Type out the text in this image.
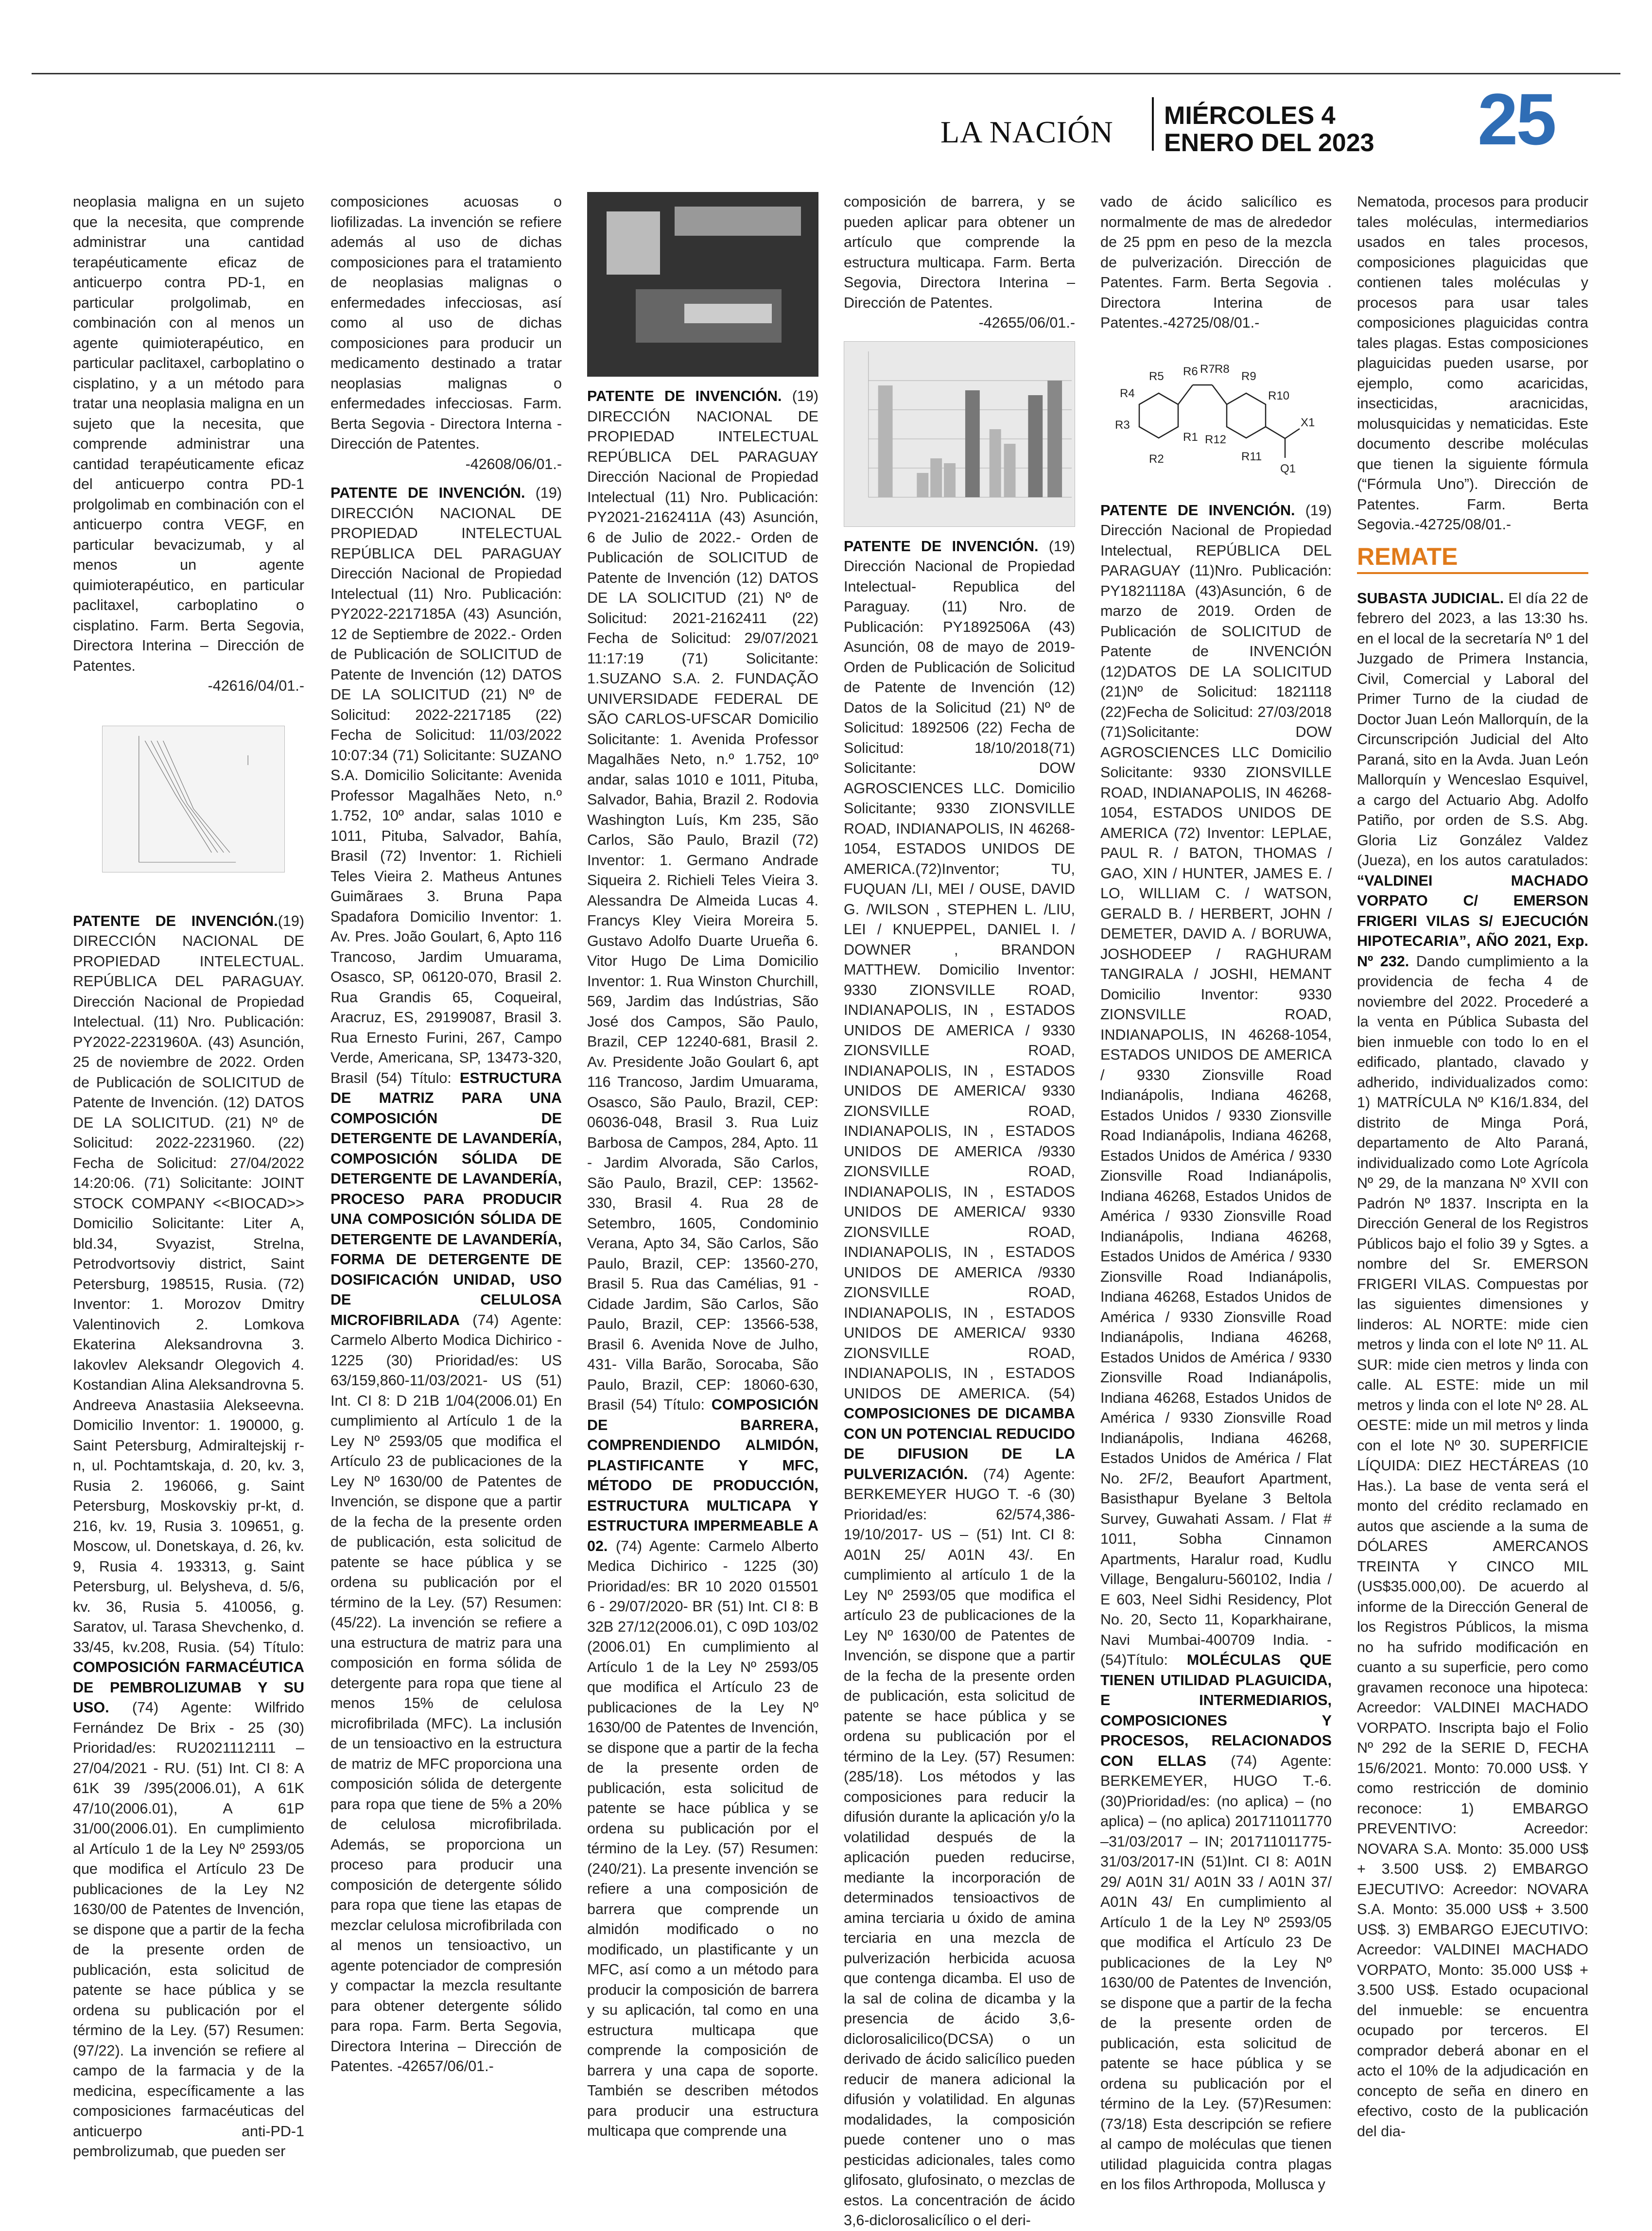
LA NACIÓN MIÉRCOLES 4
ENERO DEL 2023 25

neoplasia maligna en un sujeto que la necesita, que comprende administrar una cantidad terapéuticamente eficaz de anticuerpo contra PD-1, en particular prolgolimab, en combinación con al menos un agente quimioterapéutico, en particular paclitaxel, carboplatino o cisplatino, y a un método para tratar una neoplasia maligna en un sujeto que la necesita, que comprende administrar una cantidad terapéuticamente eficaz del anticuerpo contra PD-1 prolgolimab en combinación con el anticuerpo contra VEGF, en particular bevacizumab, y al menos un agente quimioterapéutico, en particular paclitaxel, carboplatino o cisplatino. Farm. Berta Segovia, Directora Interina – Dirección de Patentes.

-42616/04/01.-

PATENTE DE INVENCIÓN.(19) DIRECCIÓN NACIONAL DE PROPIEDAD INTELECTUAL. REPÚBLICA DEL PARAGUAY. Dirección Nacional de Propiedad Intelectual. (11) Nro. Publicación: PY2022-2231960A. (43) Asunción, 25 de noviembre de 2022. Orden de Publicación de SOLICITUD de Patente de Invención. (12) DATOS DE LA SOLICITUD. (21) Nº de Solicitud: 2022-2231960. (22) Fecha de Solicitud: 27/04/2022 14:20:06. (71) Solicitante: JOINT STOCK COMPANY <<BIOCAD>> Domicilio Solicitante: Liter A, bld.34, Svyazist, Strelna, Petrodvortsoviy district, Saint Petersburg, 198515, Rusia. (72) Inventor: 1. Morozov Dmitry Valentinovich 2. Lomkova Ekaterina Aleksandrovna 3. Iakovlev Aleksandr Olegovich 4. Kostandian Alina Aleksandrovna 5. Andreeva Anastasiia Alekseevna. Domicilio Inventor: 1. 190000, g. Saint Petersburg, Admiraltejskij r-n, ul. Pochtamtskaja, d. 20, kv. 3, Rusia 2. 196066, g. Saint Petersburg, Moskovskiy pr-kt, d. 216, kv. 19, Rusia 3. 109651, g. Moscow, ul. Donetskaya, d. 26, kv. 9, Rusia 4. 193313, g. Saint Petersburg, ul. Belysheva, d. 5/6, kv. 36, Rusia 5. 410056, g. Saratov, ul. Tarasa Shevchenko, d. 33/45, kv.208, Rusia. (54) Título: COMPOSICIÓN FARMACÉUTICA DE PEMBROLIZUMAB Y SU USO. (74) Agente: Wilfrido Fernández De Brix - 25 (30) Prioridad/es: RU2021112111 – 27/04/2021 - RU. (51) Int. CI 8: A 61K 39 /395(2006.01), A 61K 47/10(2006.01), A 61P 31/00(2006.01). En cumplimiento al Artículo 1 de la Ley Nº 2593/05 que modifica el Artículo 23 De publicaciones de la Ley N2 1630/00 de Patentes de Invención, se dispone que a partir de la fecha de la presente orden de publicación, esta solicitud de patente se hace pública y se ordena su publicación por el término de la Ley. (57) Resumen: (97/22). La invención se refiere al campo de la farmacia y de la medicina, específicamente a las composiciones farmacéuticas del anticuerpo anti-PD-1 pembrolizumab, que pueden ser

composiciones acuosas o liofilizadas. La invención se refiere además al uso de dichas composiciones para el tratamiento de neoplasias malignas o enfermedades infecciosas, así como al uso de dichas composiciones para producir un medicamento destinado a tratar neoplasias malignas o enfermedades infecciosas. Farm. Berta Segovia - Directora Interna - Dirección de Patentes.

-42608/06/01.-

PATENTE DE INVENCIÓN. (19) DIRECCIÓN NACIONAL DE PROPIEDAD INTELECTUAL REPÚBLICA DEL PARAGUAY Dirección Nacional de Propiedad Intelectual (11) Nro. Publicación: PY2022-2217185A (43) Asunción, 12 de Septiembre de 2022.- Orden de Publicación de SOLICITUD de Patente de Invención (12) DATOS DE LA SOLICITUD (21) Nº de Solicitud: 2022-2217185 (22) Fecha de Solicitud: 11/03/2022 10:07:34 (71) Solicitante: SUZANO S.A. Domicilio Solicitante: Avenida Professor Magalhães Neto, n.º 1.752, 10º andar, salas 1010 e 1011, Pituba, Salvador, Bahía, Brasil (72) Inventor: 1. Richieli Teles Vieira 2. Matheus Antunes Guimãraes 3. Bruna Papa Spadafora Domicilio Inventor: 1. Av. Pres. João Goulart, 6, Apto 116 Trancoso, Jardim Umuarama, Osasco, SP, 06120-070, Brasil 2. Rua Grandis 65, Coqueiral, Aracruz, ES, 29199087, Brasil 3. Rua Ernesto Furini, 267, Campo Verde, Americana, SP, 13473-320, Brasil (54) Título: ESTRUCTURA DE MATRIZ PARA UNA COMPOSICIÓN DE DETERGENTE DE LAVANDERÍA, COMPOSICIÓN SÓLIDA DE DETERGENTE DE LAVANDERÍA, PROCESO PARA PRODUCIR UNA COMPOSICIÓN SÓLIDA DE DETERGENTE DE LAVANDERÍA, FORMA DE DETERGENTE DE DOSIFICACIÓN UNIDAD, USO DE CELULOSA MICROFIBRILADA (74) Agente: Carmelo Alberto Modica Dichirico - 1225 (30) Prioridad/es: US 63/159,860-11/03/2021- US (51) Int. CI 8: D 21B 1/04(2006.01) En cumplimiento al Artículo 1 de la Ley Nº 2593/05 que modifica el Artículo 23 de publicaciones de la Ley Nº 1630/00 de Patentes de Invención, se dispone que a partir de la fecha de la presente orden de publicación, esta solicitud de patente se hace pública y se ordena su publicación por el término de la Ley. (57) Resumen:(45/22). La invención se refiere a una estructura de matriz para una composición en forma sólida de detergente para ropa que tiene al menos 15% de celulosa microfibrilada (MFC). La inclusión de un tensioactivo en la estructura de matriz de MFC proporciona una composición sólida de detergente para ropa que tiene de 5% a 20% de celulosa microfibrilada. Además, se proporciona un proceso para producir una composición de detergente sólido para ropa que tiene las etapas de mezclar celulosa microfibrilada con al menos un tensioactivo, un agente potenciador de compresión y compactar la mezcla resultante para obtener detergente sólido para ropa. Farm. Berta Segovia, Directora Interina – Dirección de Patentes. -42657/06/01.-

PATENTE DE INVENCIÓN. (19) DIRECCIÓN NACIONAL DE PROPIEDAD INTELECTUAL REPÚBLICA DEL PARAGUAY Dirección Nacional de Propiedad Intelectual (11) Nro. Publicación: PY2021-2162411A (43) Asunción, 6 de Julio de 2022.- Orden de Publicación de SOLICITUD de Patente de Invención (12) DATOS DE LA SOLICITUD (21) Nº de Solicitud: 2021-2162411 (22) Fecha de Solicitud: 29/07/2021 11:17:19 (71) Solicitante: 1.SUZANO S.A. 2. FUNDAÇÃO UNIVERSIDADE FEDERAL DE SÃO CARLOS-UFSCAR Domicilio Solicitante: 1. Avenida Professor Magalhães Neto, n.º 1.752, 10º andar, salas 1010 e 1011, Pituba, Salvador, Bahia, Brazil 2. Rodovia Washington Luís, Km 235, São Carlos, São Paulo, Brazil (72) Inventor: 1. Germano Andrade Siqueira 2. Richieli Teles Vieira 3. Alessandra De Almeida Lucas 4. Francys Kley Vieira Moreira 5. Gustavo Adolfo Duarte Urueña 6. Vitor Hugo De Lima Domicilio Inventor: 1. Rua Winston Churchill, 569, Jardim das Indústrias, São José dos Campos, São Paulo, Brazil, CEP 12240-681, Brasil 2. Av. Presidente João Goulart 6, apt 116 Trancoso, Jardim Umuarama, Osasco, São Paulo, Brazil, CEP: 06036-048, Brasil 3. Rua Luiz Barbosa de Campos, 284, Apto. 11 - Jardim Alvorada, São Carlos, São Paulo, Brazil, CEP: 13562-330, Brasil 4. Rua 28 de Setembro, 1605, Condominio Verana, Apto 34, São Carlos, São Paulo, Brazil, CEP: 13560-270, Brasil 5. Rua das Camélias, 91 - Cidade Jardim, São Carlos, São Paulo, Brazil, CEP: 13566-538, Brasil 6. Avenida Nove de Julho, 431- Villa Barão, Sorocaba, São Paulo, Brazil, CEP: 18060-630, Brasil (54) Título: COMPOSICIÓN DE BARRERA, COMPRENDIENDO ALMIDÓN, PLASTIFICANTE Y MFC, MÉTODO DE PRODUCCIÓN, ESTRUCTURA MULTICAPA Y ESTRUCTURA IMPERMEABLE A 02. (74) Agente: Carmelo Alberto Medica Dichirico - 1225 (30) Prioridad/es: BR 10 2020 015501 6 - 29/07/2020- BR (51) Int. CI 8: B 32B 27/12(2006.01), C 09D 103/02 (2006.01) En cumplimiento al Artículo 1 de la Ley Nº 2593/05 que modifica el Artículo 23 de publicaciones de la Ley Nº 1630/00 de Patentes de Invención, se dispone que a partir de la fecha de la presente orden de publicación, esta solicitud de patente se hace pública y se ordena su publicación por el término de la Ley. (57) Resumen:(240/21). La presente invención se refiere a una composición de barrera que comprende un almidón modificado o no modificado, un plastificante y un MFC, así como a un método para producir la composición de barrera y su aplicación, tal como en una estructura multicapa que comprende la composición de barrera y una capa de soporte. También se describen métodos para producir una estructura multicapa que comprende una

composición de barrera, y se pueden aplicar para obtener un artículo que comprende la estructura multicapa. Farm. Berta Segovia, Directora Interina – Dirección de Patentes.

-42655/06/01.-

PATENTE DE INVENCIÓN. (19) Dirección Nacional de Propiedad Intelectual- Republica del Paraguay. (11) Nro. de Publicación: PY1892506A (43) Asunción, 08 de mayo de 2019- Orden de Publicación de Solicitud de Patente de Invención (12) Datos de la Solicitud (21) Nº de Solicitud: 1892506 (22) Fecha de Solicitud: 18/10/2018(71) Solicitante: DOW AGROSCIENCES LLC. Domicilio Solicitante; 9330 ZIONSVILLE ROAD, INDIANAPOLIS, IN 46268-1054, ESTADOS UNIDOS DE AMERICA.(72)Inventor; TU, FUQUAN /LI, MEI / OUSE, DAVID G. /WILSON , STEPHEN L. /LIU, LEI / KNUEPPEL, DANIEL I. / DOWNER , BRANDON MATTHEW. Domicilio Inventor: 9330 ZIONSVILLE ROAD, INDIANAPOLIS, IN , ESTADOS UNIDOS DE AMERICA / 9330 ZIONSVILLE ROAD, INDIANAPOLIS, IN , ESTADOS UNIDOS DE AMERICA/ 9330 ZIONSVILLE ROAD, INDIANAPOLIS, IN , ESTADOS UNIDOS DE AMERICA /9330 ZIONSVILLE ROAD, INDIANAPOLIS, IN , ESTADOS UNIDOS DE AMERICA/ 9330 ZIONSVILLE ROAD, INDIANAPOLIS, IN , ESTADOS UNIDOS DE AMERICA /9330 ZIONSVILLE ROAD, INDIANAPOLIS, IN , ESTADOS UNIDOS DE AMERICA/ 9330 ZIONSVILLE ROAD, INDIANAPOLIS, IN , ESTADOS UNIDOS DE AMERICA. (54) COMPOSICIONES DE DICAMBA CON UN POTENCIAL REDUCIDO DE DIFUSION DE LA PULVERIZACIÓN. (74) Agente: BERKEMEYER HUGO T. -6 (30) Prioridad/es: 62/574,386- 19/10/2017- US – (51) Int. CI 8: A01N 25/ A01N 43/. En cumplimiento al artículo 1 de la Ley Nº 2593/05 que modifica el artículo 23 de publicaciones de la Ley Nº 1630/00 de Patentes de Invención, se dispone que a partir de la fecha de la presente orden de publicación, esta solicitud de patente se hace pública y se ordena su publicación por el término de la Ley. (57) Resumen: (285/18). Los métodos y las composiciones para reducir la difusión durante la aplicación y/o la volatilidad después de la aplicación pueden reducirse, mediante la incorporación de determinados tensioactivos de amina terciaria u óxido de amina terciaria en una mezcla de pulverización herbicida acuosa que contenga dicamba. El uso de la sal de colina de dicamba y la presencia de ácido 3,6-diclorosalicilico(DCSA) o un derivado de ácido salicílico pueden reducir de manera adicional la difusión y volatilidad. En algunas modalidades, la composición puede contener uno o mas pesticidas adicionales, tales como glifosato, glufosinato, o mezclas de estos. La concentración de ácido 3,6-diclorosalicílico o el deri-

vado de ácido salicílico es normalmente de mas de alrededor de 25 ppm en peso de la mezcla de pulverización. Dirección de Patentes. Farm. Berta Segovia . Directora Interina de Patentes.-42725/08/01.-

R5 R6 R7 R8
R9
R4	R10
R3
R1 R12
X1
R2	R11
Q1

PATENTE DE INVENCIÓN. (19) Dirección Nacional de Propiedad Intelectual, REPÚBLICA DEL PARAGUAY (11)Nro. Publicación: PY1821118A (43)Asunción, 6 de marzo de 2019. Orden de Publicación de SOLICITUD de Patente de INVENCIÓN (12)DATOS DE LA SOLICITUD (21)Nº de Solicitud: 1821118 (22)Fecha de Solicitud: 27/03/2018 (71)Solicitante: DOW AGROSCIENCES LLC Domicilio Solicitante: 9330 ZIONSVILLE ROAD, INDIANAPOLIS, IN 46268-1054, ESTADOS UNIDOS DE AMERICA (72) Inventor: LEPLAE, PAUL R. / BATON, THOMAS / GAO, XIN / HUNTER, JAMES E. / LO, WILLIAM C. / WATSON, GERALD B. / HERBERT, JOHN / DEMETER, DAVID A. / BORUWA, JOSHODEEP / RAGHURAM TANGIRALA / JOSHI, HEMANT Domicilio Inventor: 9330 ZIONSVILLE ROAD, INDIANAPOLIS, IN 46268-1054, ESTADOS UNIDOS DE AMERICA / 9330 Zionsville Road Indianápolis, Indiana 46268, Estados Unidos / 9330 Zionsville Road Indianápolis, Indiana 46268, Estados Unidos de América / 9330 Zionsville Road Indianápolis, Indiana 46268, Estados Unidos de América / 9330 Zionsville Road Indianápolis, Indiana 46268, Estados Unidos de América / 9330 Zionsville Road Indianápolis, Indiana 46268, Estados Unidos de América / 9330 Zionsville Road Indianápolis, Indiana 46268, Estados Unidos de América / 9330 Zionsville Road Indianápolis, Indiana 46268, Estados Unidos de América / 9330 Zionsville Road Indianápolis, Indiana 46268, Estados Unidos de América / Flat No. 2F/2, Beaufort Apartment, Basisthapur Byelane 3 Beltola Survey, Guwahati Assam. / Flat # 1011, Sobha Cinnamon Apartments, Haralur road, Kudlu Village, Bengaluru-560102, India / E 603, Neel Sidhi Residency, Plot No. 20, Secto 11, Koparkhairane, Navi Mumbai-400709 India. - (54)Título: MOLÉCULAS QUE TIENEN UTILIDAD PLAGUICIDA, E INTERMEDIARIOS, COMPOSICIONES Y PROCESOS, RELACIONADOS CON ELLAS (74) Agente: BERKEMEYER, HUGO T.-6. (30)Prioridad/es: (no aplica) – (no aplica) – (no aplica) 201711011770 –31/03/2017 – IN; 201711011775-31/03/2017-IN (51)Int. CI 8: A01N 29/ A01N 31/ A01N 33 / A01N 37/ A01N 43/ En cumplimiento al Artículo 1 de la Ley Nº 2593/05 que modifica el Artículo 23 De publicaciones de la Ley Nº 1630/00 de Patentes de Invención, se dispone que a partir de la fecha de la presente orden de publicación, esta solicitud de patente se hace pública y se ordena su publicación por el término de la Ley. (57)Resumen: (73/18) Esta descripción se refiere al campo de moléculas que tienen utilidad plaguicida contra plagas en los filos Arthropoda, Mollusca y

Nematoda, procesos para producir tales moléculas, intermediarios usados en tales procesos, composiciones plaguicidas que contienen tales moléculas y procesos para usar tales composiciones plaguicidas contra tales plagas. Estas composiciones plaguicidas pueden usarse, por ejemplo, como acaricidas, insecticidas, aracnicidas, molusquicidas y nematicidas. Este documento describe moléculas que tienen la siguiente fórmula (“Fórmula Uno”). Dirección de Patentes. Farm. Berta Segovia.-42725/08/01.-

REMATE

SUBASTA JUDICIAL. El día 22 de febrero del 2023, a las 13:30 hs. en el local de la secretaría Nº 1 del Juzgado de Primera Instancia, Civil, Comercial y Laboral del Primer Turno de la ciudad de Doctor Juan León Mallorquín, de la Circunscripción Judicial del Alto Paraná, sito en la Avda. Juan León Mallorquín y Wenceslao Esquivel, a cargo del Actuario Abg. Adolfo Patiño, por orden de S.S. Abg. Gloria Liz González Valdez (Jueza), en los autos caratulados: “VALDINEI MACHADO VORPATO C/ EMERSON FRIGERI VILAS S/ EJECUCIÓN HIPOTECARIA”, AÑO 2021, Exp. Nº 232. Dando cumplimiento a la providencia de fecha 4 de noviembre del 2022. Procederé a la venta en Pública Subasta del bien inmueble con todo lo en el edificado, plantado, clavado y adherido, individualizados como: 1) MATRÍCULA Nº K16/1.834, del distrito de Minga Porá, departamento de Alto Paraná, individualizado como Lote Agrícola Nº 29, de la manzana Nº XVII con Padrón Nº 1837. Inscripta en la Dirección General de los Registros Públicos bajo el folio 39 y Sgtes. a nombre del Sr. EMERSON FRIGERI VILAS. Compuestas por las siguientes dimensiones y linderos: AL NORTE: mide cien metros y linda con el lote Nº 11. AL SUR: mide cien metros y linda con calle. AL ESTE: mide un mil metros y linda con el lote Nº 28. AL OESTE: mide un mil metros y linda con el lote Nº 30. SUPERFICIE LÍQUIDA: DIEZ HECTÁREAS (10 Has.). La base de venta será el monto del crédito reclamado en autos que asciende a la suma de DÓLARES AMERCANOS TREINTA Y CINCO MIL (US$35.000,00). De acuerdo al informe de la Dirección General de los Registros Públicos, la misma no ha sufrido modificación en cuanto a su superficie, pero como gravamen reconoce una hipoteca: Acreedor: VALDINEI MACHADO VORPATO. Inscripta bajo el Folio Nº 292 de la SERIE D, FECHA 15/6/2021. Monto: 70.000 US$. Y como restricción de dominio reconoce: 1) EMBARGO PREVENTIVO: Acreedor: NOVARA S.A. Monto: 35.000 US$ + 3.500 US$. 2) EMBARGO EJECUTIVO: Acreedor: NOVARA S.A. Monto: 35.000 US$ + 3.500 US$. 3) EMBARGO EJECUTIVO: Acreedor: VALDINEI MACHADO VORPATO, Monto: 35.000 US$ + 3.500 US$. Estado ocupacional del inmueble: se encuentra ocupado por terceros. El comprador deberá abonar en el acto el 10% de la adjudicación en concepto de seña en dinero en efectivo, costo de la publicación del dia-
